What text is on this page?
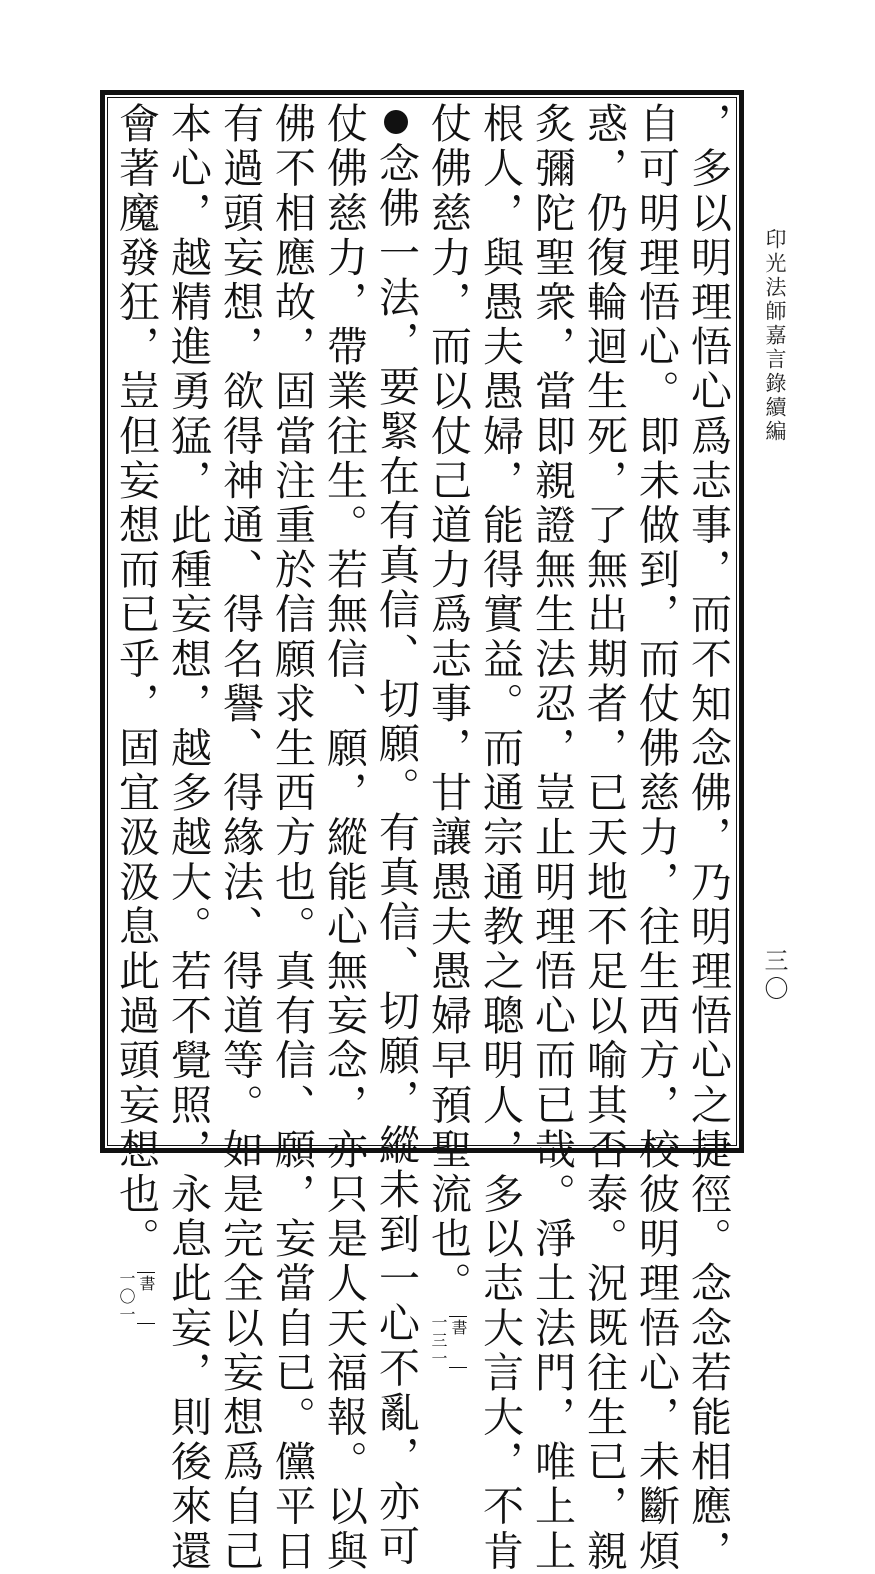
印光法師嘉言錄續編
三〇
，多以明理悟心爲志事，而不知念佛，乃明理悟心之捷徑。念念若能相應，
自可明理悟心。即未做到，而仗佛慈力，往生西方，校彼明理悟心，未斷煩
惑，仍復輪迴生死，了無出期者，已天地不足以喻其否泰。況既往生已，親
炙彌陀聖衆，當即親證無生法忍，豈止明理悟心而已哉。淨土法門，唯上上
根人，與愚夫愚婦，能得實益。而通宗通教之聰明人，多以志大言大，不肯
仗佛慈力，而以仗己道力爲志事，甘讓愚夫愚婦早預聖流也。
書
一三一
念佛一法，要緊在有真信、切願。有真信、切願，縱未到一心不亂，亦可
仗佛慈力，帶業往生。若無信、願，縱能心無妄念，亦只是人天福報。以與
佛不相應故，固當注重於信願求生西方也。真有信、願，妄當自已。儻平日
有過頭妄想，欲得神通、得名譽、得緣法、得道等。如是完全以妄想爲自己
本心，越精進勇猛，此種妄想，越多越大。若不覺照，永息此妄，則後來還
會著魔發狂，豈但妄想而已乎，固宜汲汲息此過頭妄想也。
書
一〇一
